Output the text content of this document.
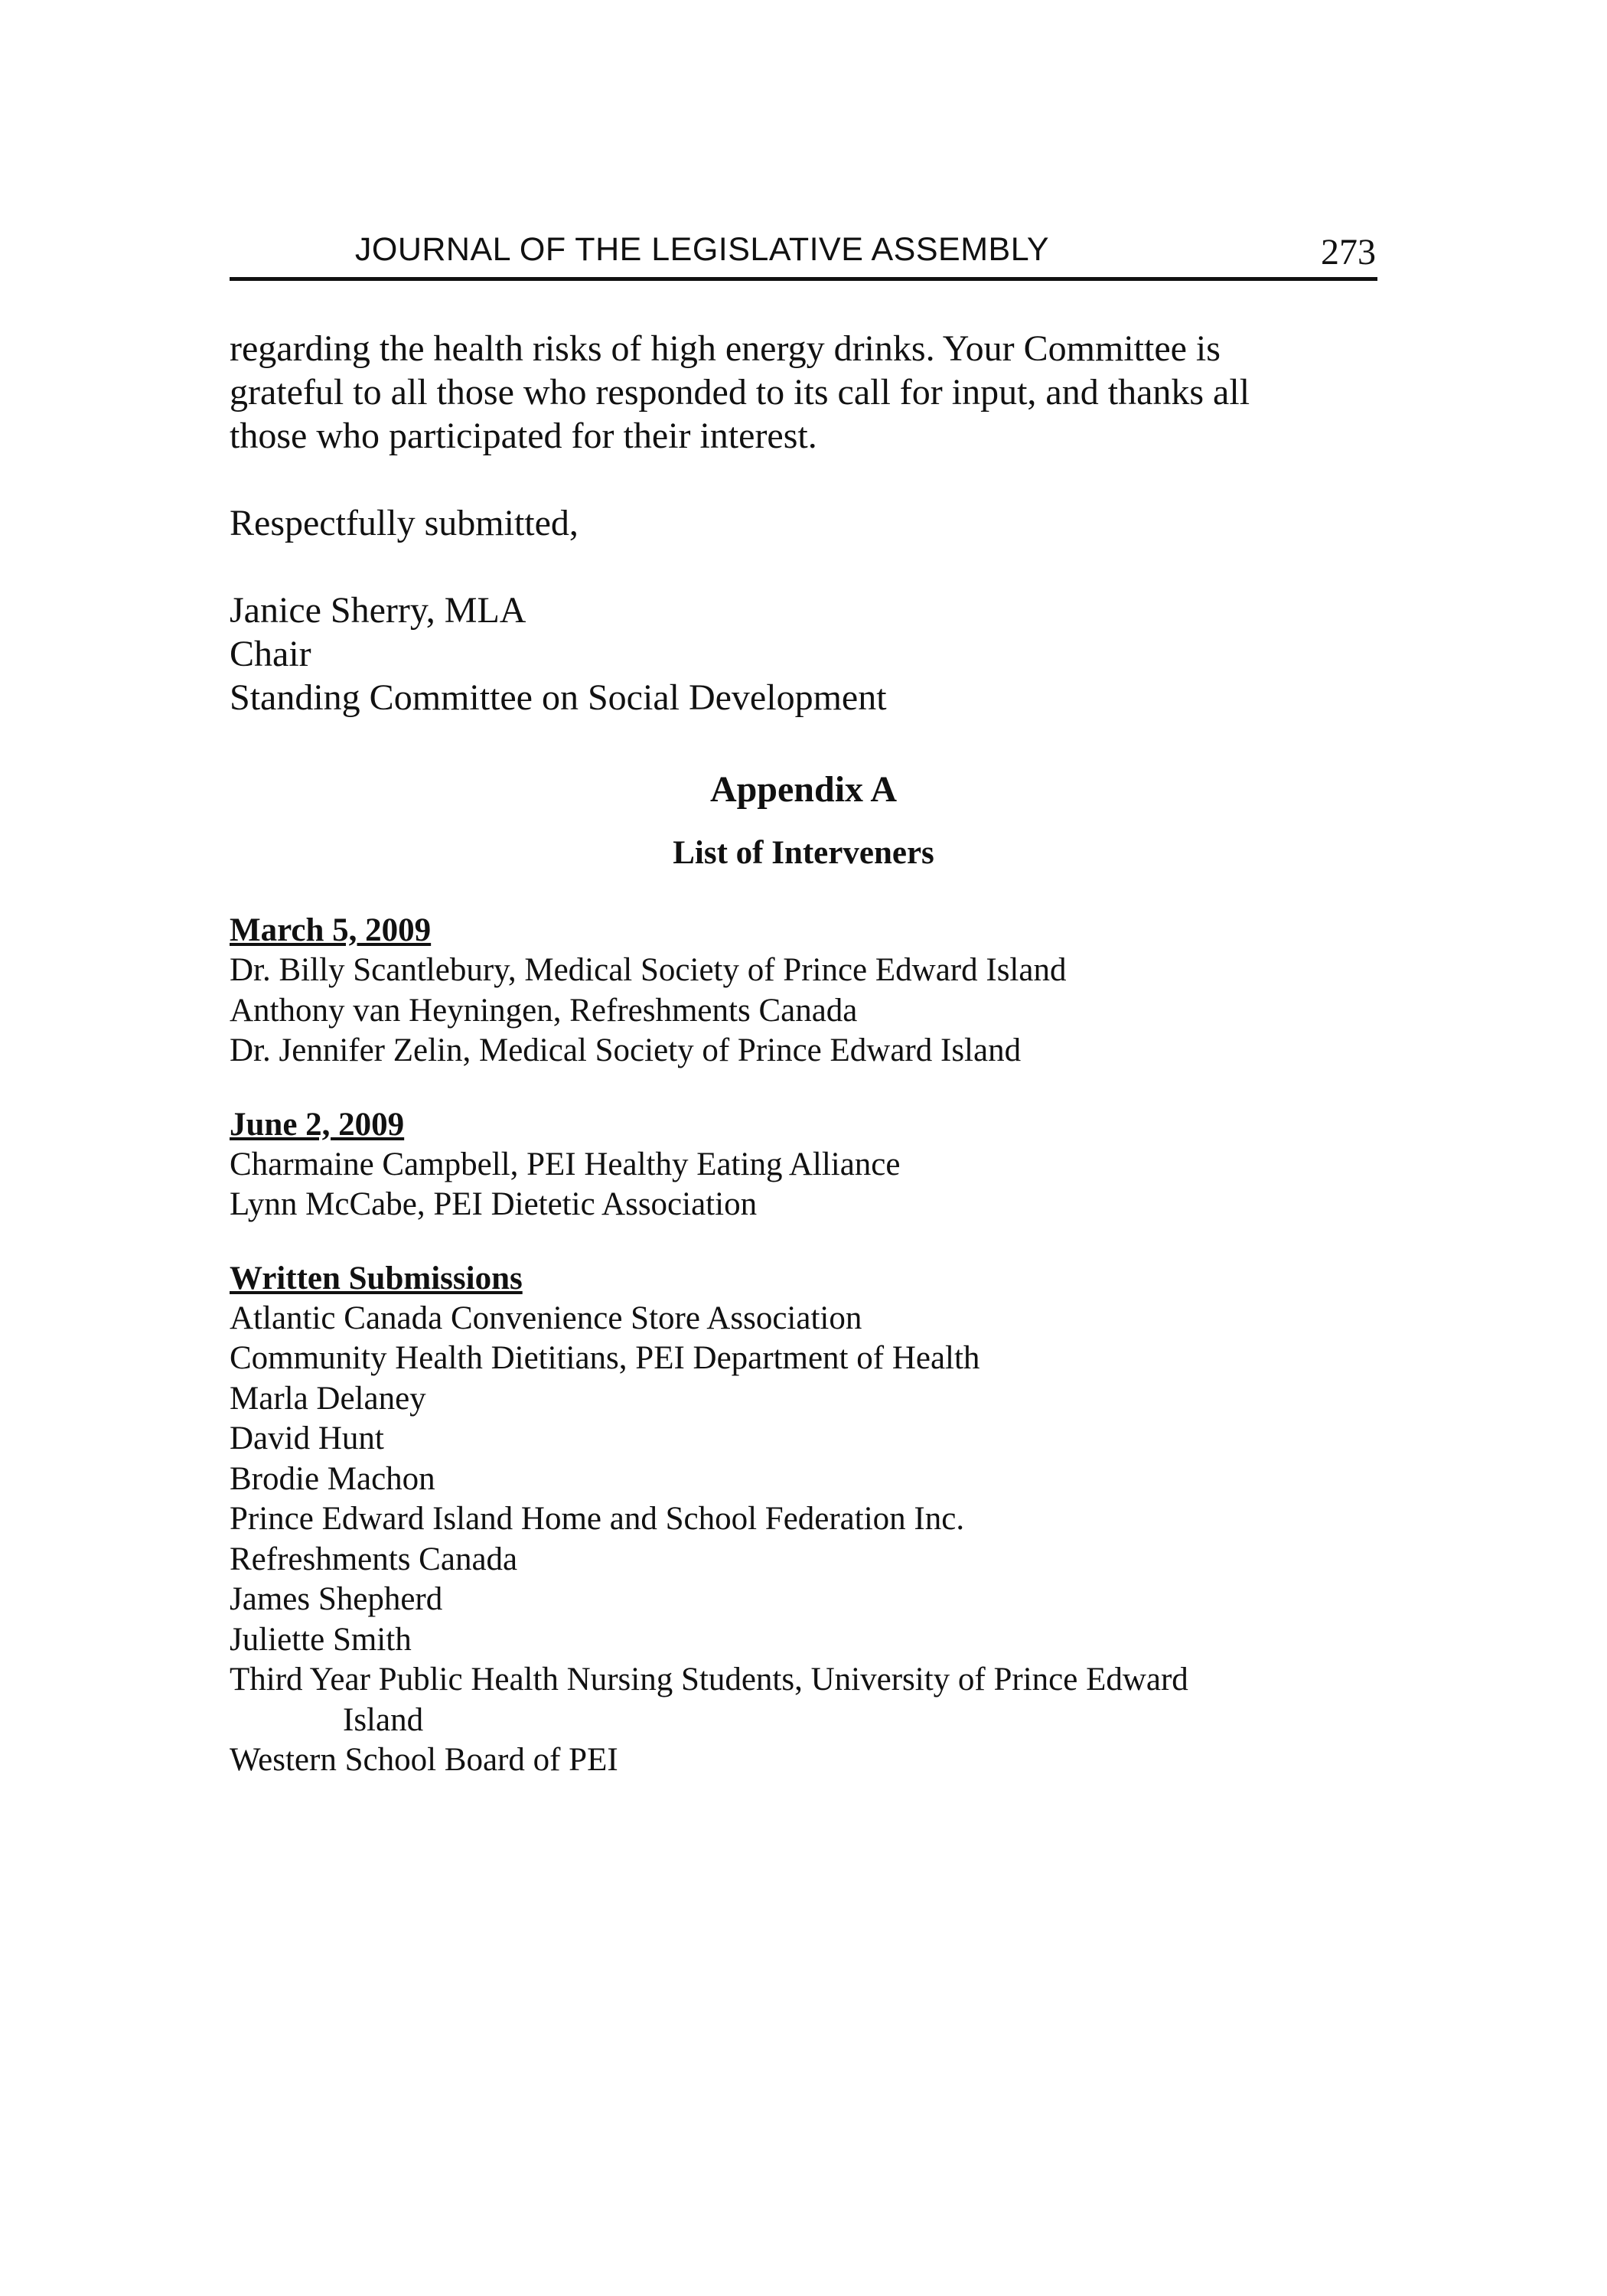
JOURNAL OF THE LEGISLATIVE ASSEMBLY	273

regarding the health risks of high energy drinks. Your Committee is
grateful to all those who responded to its call for input, and thanks all
those who participated for their interest.

Respectfully submitted,

Janice Sherry, MLA
Chair
Standing Committee on Social Development
Appendix A
List of Interveners
March 5, 2009
Dr. Billy Scantlebury, Medical Society of Prince Edward Island
Anthony van Heyningen, Refreshments Canada
Dr. Jennifer Zelin, Medical Society of Prince Edward Island
June 2, 2009
Charmaine Campbell, PEI Healthy Eating Alliance
Lynn McCabe, PEI Dietetic Association
Written Submissions
Atlantic Canada Convenience Store Association
Community Health Dietitians, PEI Department of Health
Marla Delaney
David Hunt
Brodie Machon
Prince Edward Island Home and School Federation Inc.
Refreshments Canada
James Shepherd
Juliette Smith
Third Year Public Health Nursing Students, University of Prince Edward
Island
Western School Board of PEI
